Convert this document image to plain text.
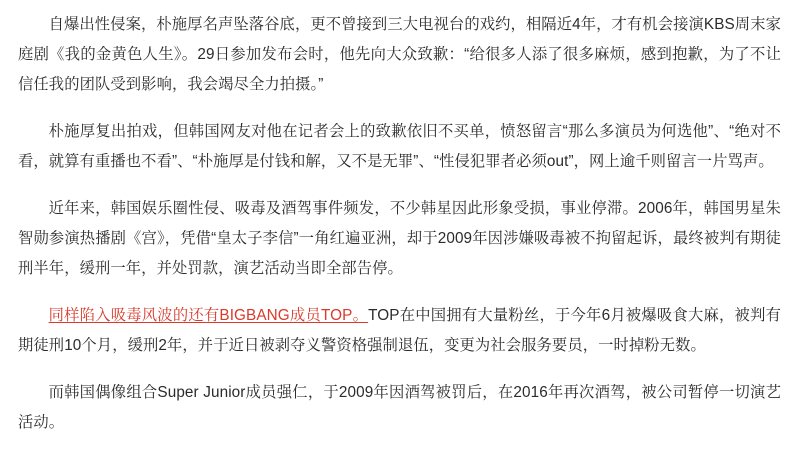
自爆出性侵案，朴施厚名声坠落谷底，更不曾接到三大电视台的戏约，相隔近4年，才有机会接演KBS周末家庭剧《我的金黄色人生》。29日参加发布会时，他先向大众致歉：“给很多人添了很多麻烦，感到抱歉，为了不让信任我的团队受到影响，我会竭尽全力拍摄。”

朴施厚复出拍戏，但韩国网友对他在记者会上的致歉依旧不买单，愤怒留言“那么多演员为何选他”、“绝对不看，就算有重播也不看”、“朴施厚是付钱和解，又不是无罪”、“性侵犯罪者必须out”，网上逾千则留言一片骂声。

近年来，韩国娱乐圈性侵、吸毒及酒驾事件频发，不少韩星因此形象受损，事业停滞。2006年，韩国男星朱智勋参演热播剧《宫》，凭借“皇太子李信”一角红遍亚洲，却于2009年因涉嫌吸毒被不拘留起诉，最终被判有期徒刑半年，缓刑一年，并处罚款，演艺活动当即全部告停。

同样陷入吸毒风波的还有BIGBANG成员TOP。TOP在中国拥有大量粉丝，于今年6月被爆吸食大麻，被判有期徒刑10个月，缓刑2年，并于近日被剥夺义警资格强制退伍，变更为社会服务要员，一时掉粉无数。

而韩国偶像组合Super Junior成员强仁，于2009年因酒驾被罚后，在2016年再次酒驾，被公司暂停一切演艺活动。
